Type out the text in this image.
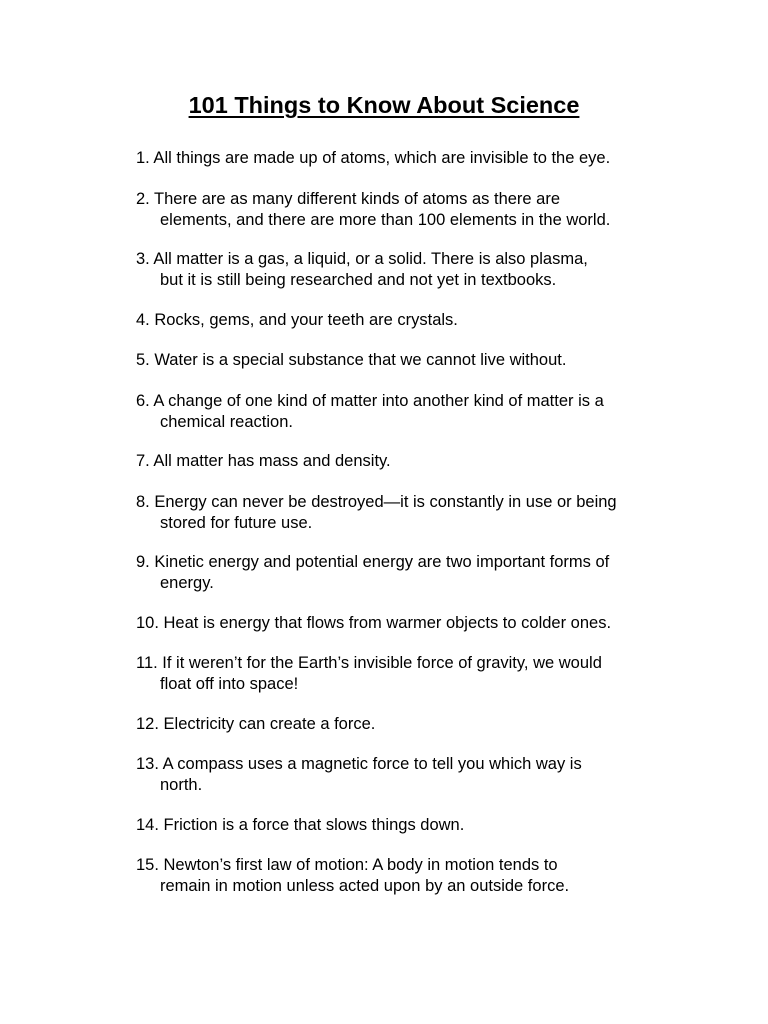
101 Things to Know About Science
1. All things are made up of atoms, which are invisible to the eye.
2. There are as many different kinds of atoms as there are
elements, and there are more than 100 elements in the world.
3. All matter is a gas, a liquid, or a solid. There is also plasma,
but it is still being researched and not yet in textbooks.
4. Rocks, gems, and your teeth are crystals.
5. Water is a special substance that we cannot live without.
6. A change of one kind of matter into another kind of matter is a
chemical reaction.
7. All matter has mass and density.
8. Energy can never be destroyed—it is constantly in use or being
stored for future use.
9. Kinetic energy and potential energy are two important forms of
energy.
10. Heat is energy that flows from warmer objects to colder ones.
11. If it weren’t for the Earth’s invisible force of gravity, we would
float off into space!
12. Electricity can create a force.
13. A compass uses a magnetic force to tell you which way is
north.
14. Friction is a force that slows things down.
15. Newton’s first law of motion: A body in motion tends to
remain in motion unless acted upon by an outside force.
